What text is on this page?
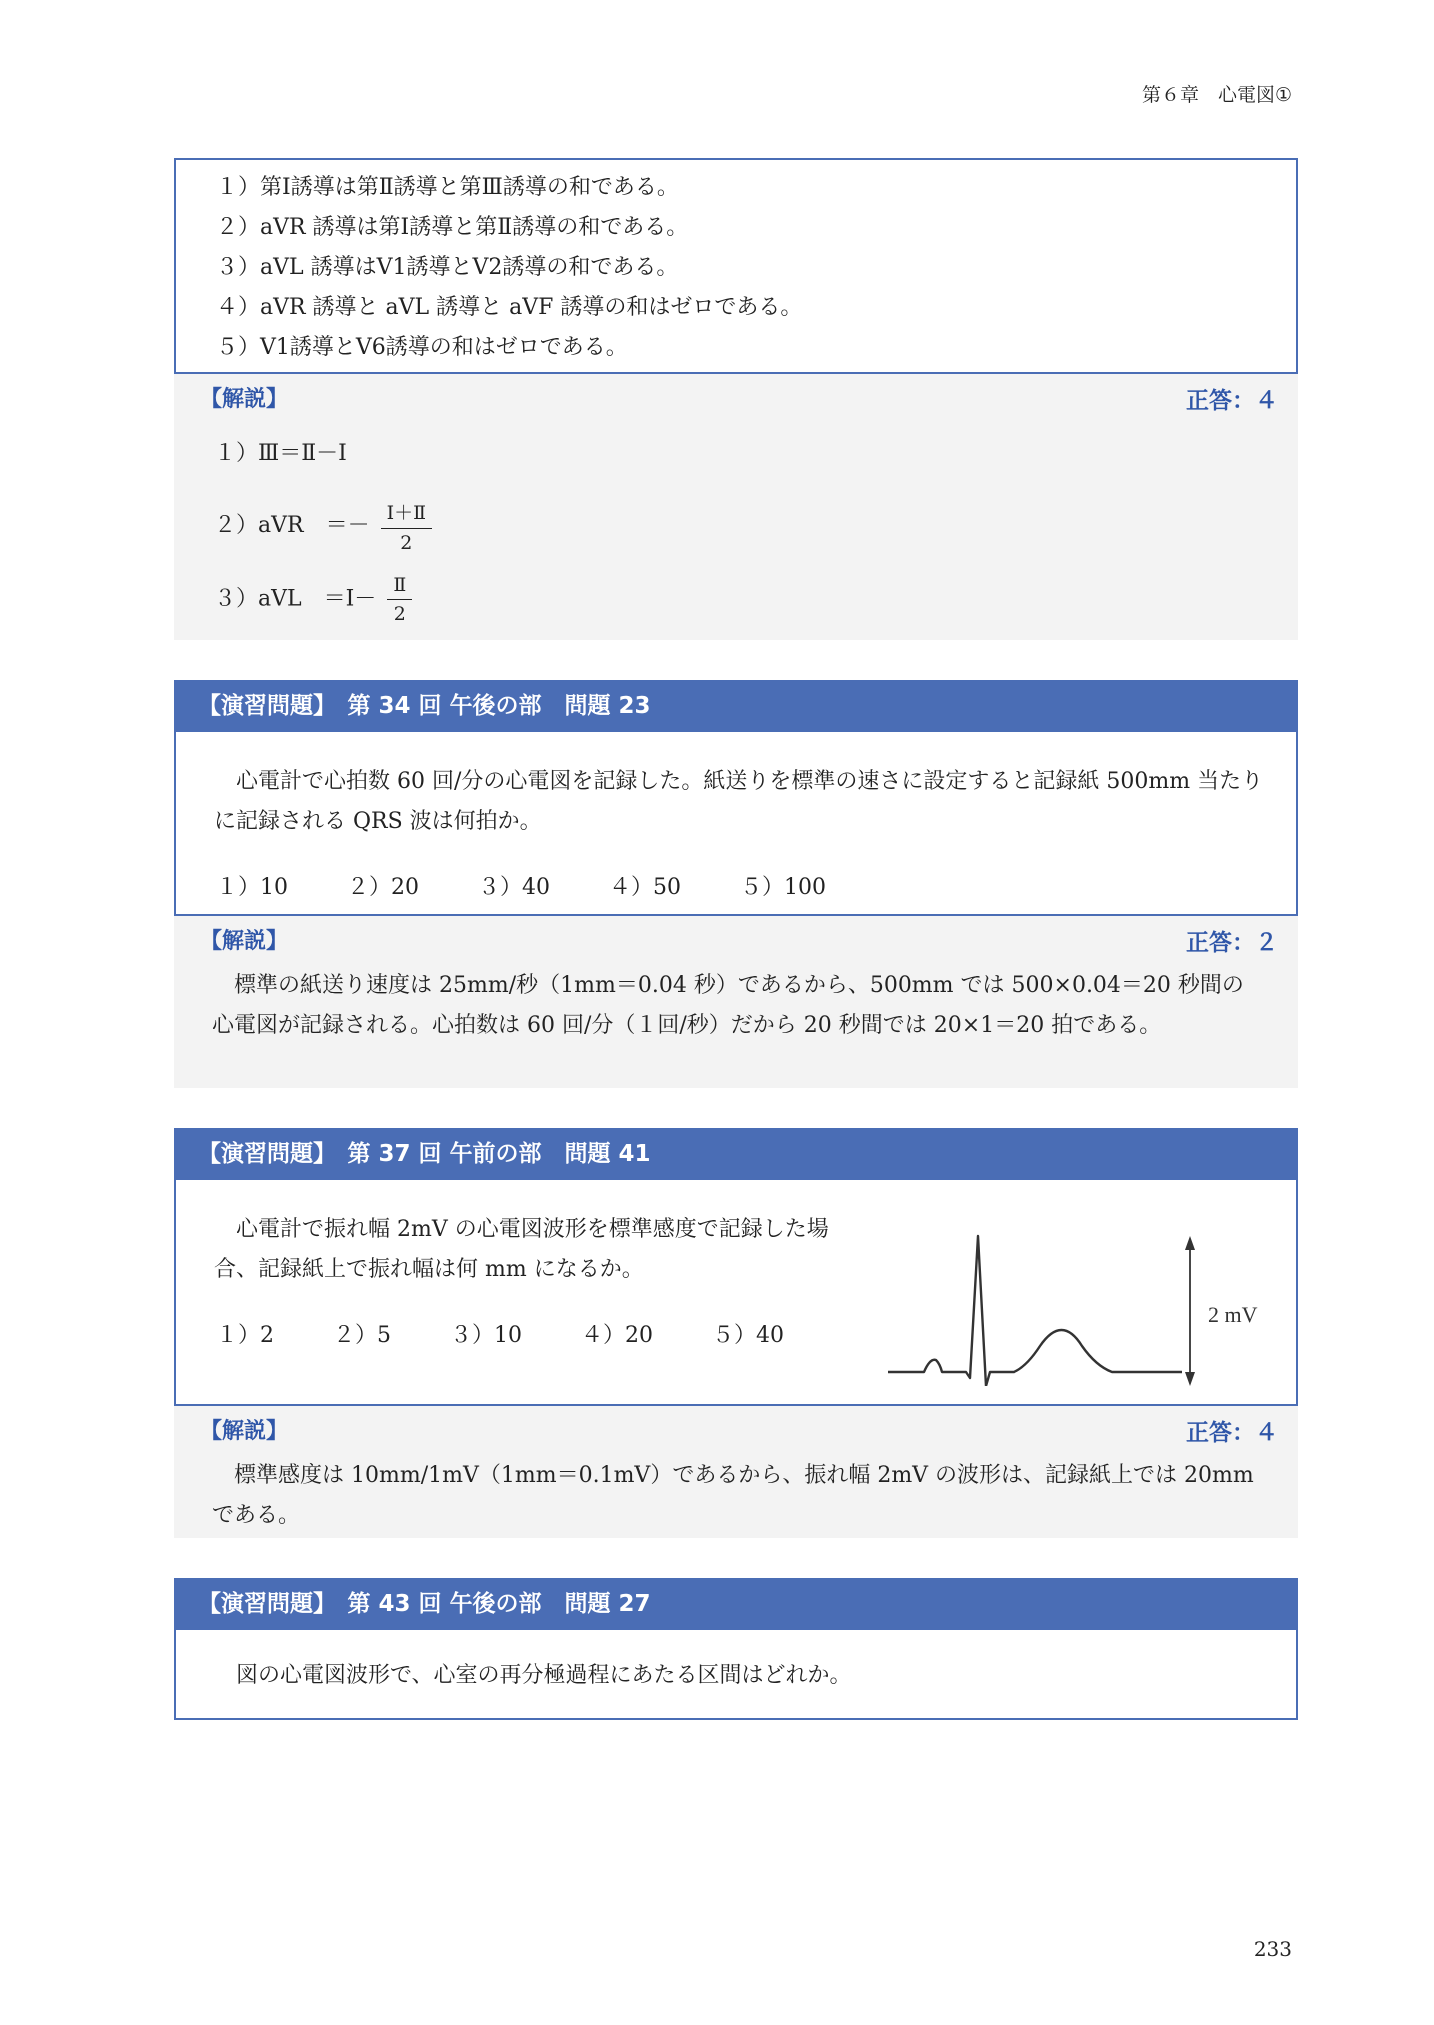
第６章　心電図①
１）第Ⅰ誘導は第Ⅱ誘導と第Ⅲ誘導の和である。
２）aVR 誘導は第Ⅰ誘導と第Ⅱ誘導の和である。
３）aVL 誘導はV1誘導とV2誘導の和である。
４）aVR 誘導と aVL 誘導と aVF 誘導の和はゼロである。
５）V1誘導とV6誘導の和はゼロである。
【解説】	正答：４
１）Ⅲ＝Ⅱ－Ⅰ
２）aVR　＝－ $\frac{\text{Ⅰ＋Ⅱ}}{2}$
３）aVL　＝Ⅰ－ $\frac{\text{Ⅱ}}{2}$
【演習問題】　第 34 回 午後の部　問題 23
　心電計で心拍数 60 回/分の心電図を記録した。紙送りを標準の速さに設定すると記録紙 500mm 当たりに記録される QRS 波は何拍か。
１）10	２）20	３）40	４）50	５）100
【解説】	正答：２
　標準の紙送り速度は 25mm/秒（1mm＝0.04 秒）であるから、500mm では 500×0.04＝20 秒間の心電図が記録される。心拍数は 60 回/分（１回/秒）だから 20 秒間では 20×1＝20 拍である。
【演習問題】　第 37 回 午前の部　問題 41
　心電計で振れ幅 2mV の心電図波形を標準感度で記録した場合、記録紙上で振れ幅は何 mm になるか。
１）2	２）5	３）10	４）20	５）40
2 mV
【解説】	正答：４
　標準感度は 10mm/1mV（1mm＝0.1mV）であるから、振れ幅 2mV の波形は、記録紙上では 20mm である。
【演習問題】　第 43 回 午後の部　問題 27
　図の心電図波形で、心室の再分極過程にあたる区間はどれか。
233
